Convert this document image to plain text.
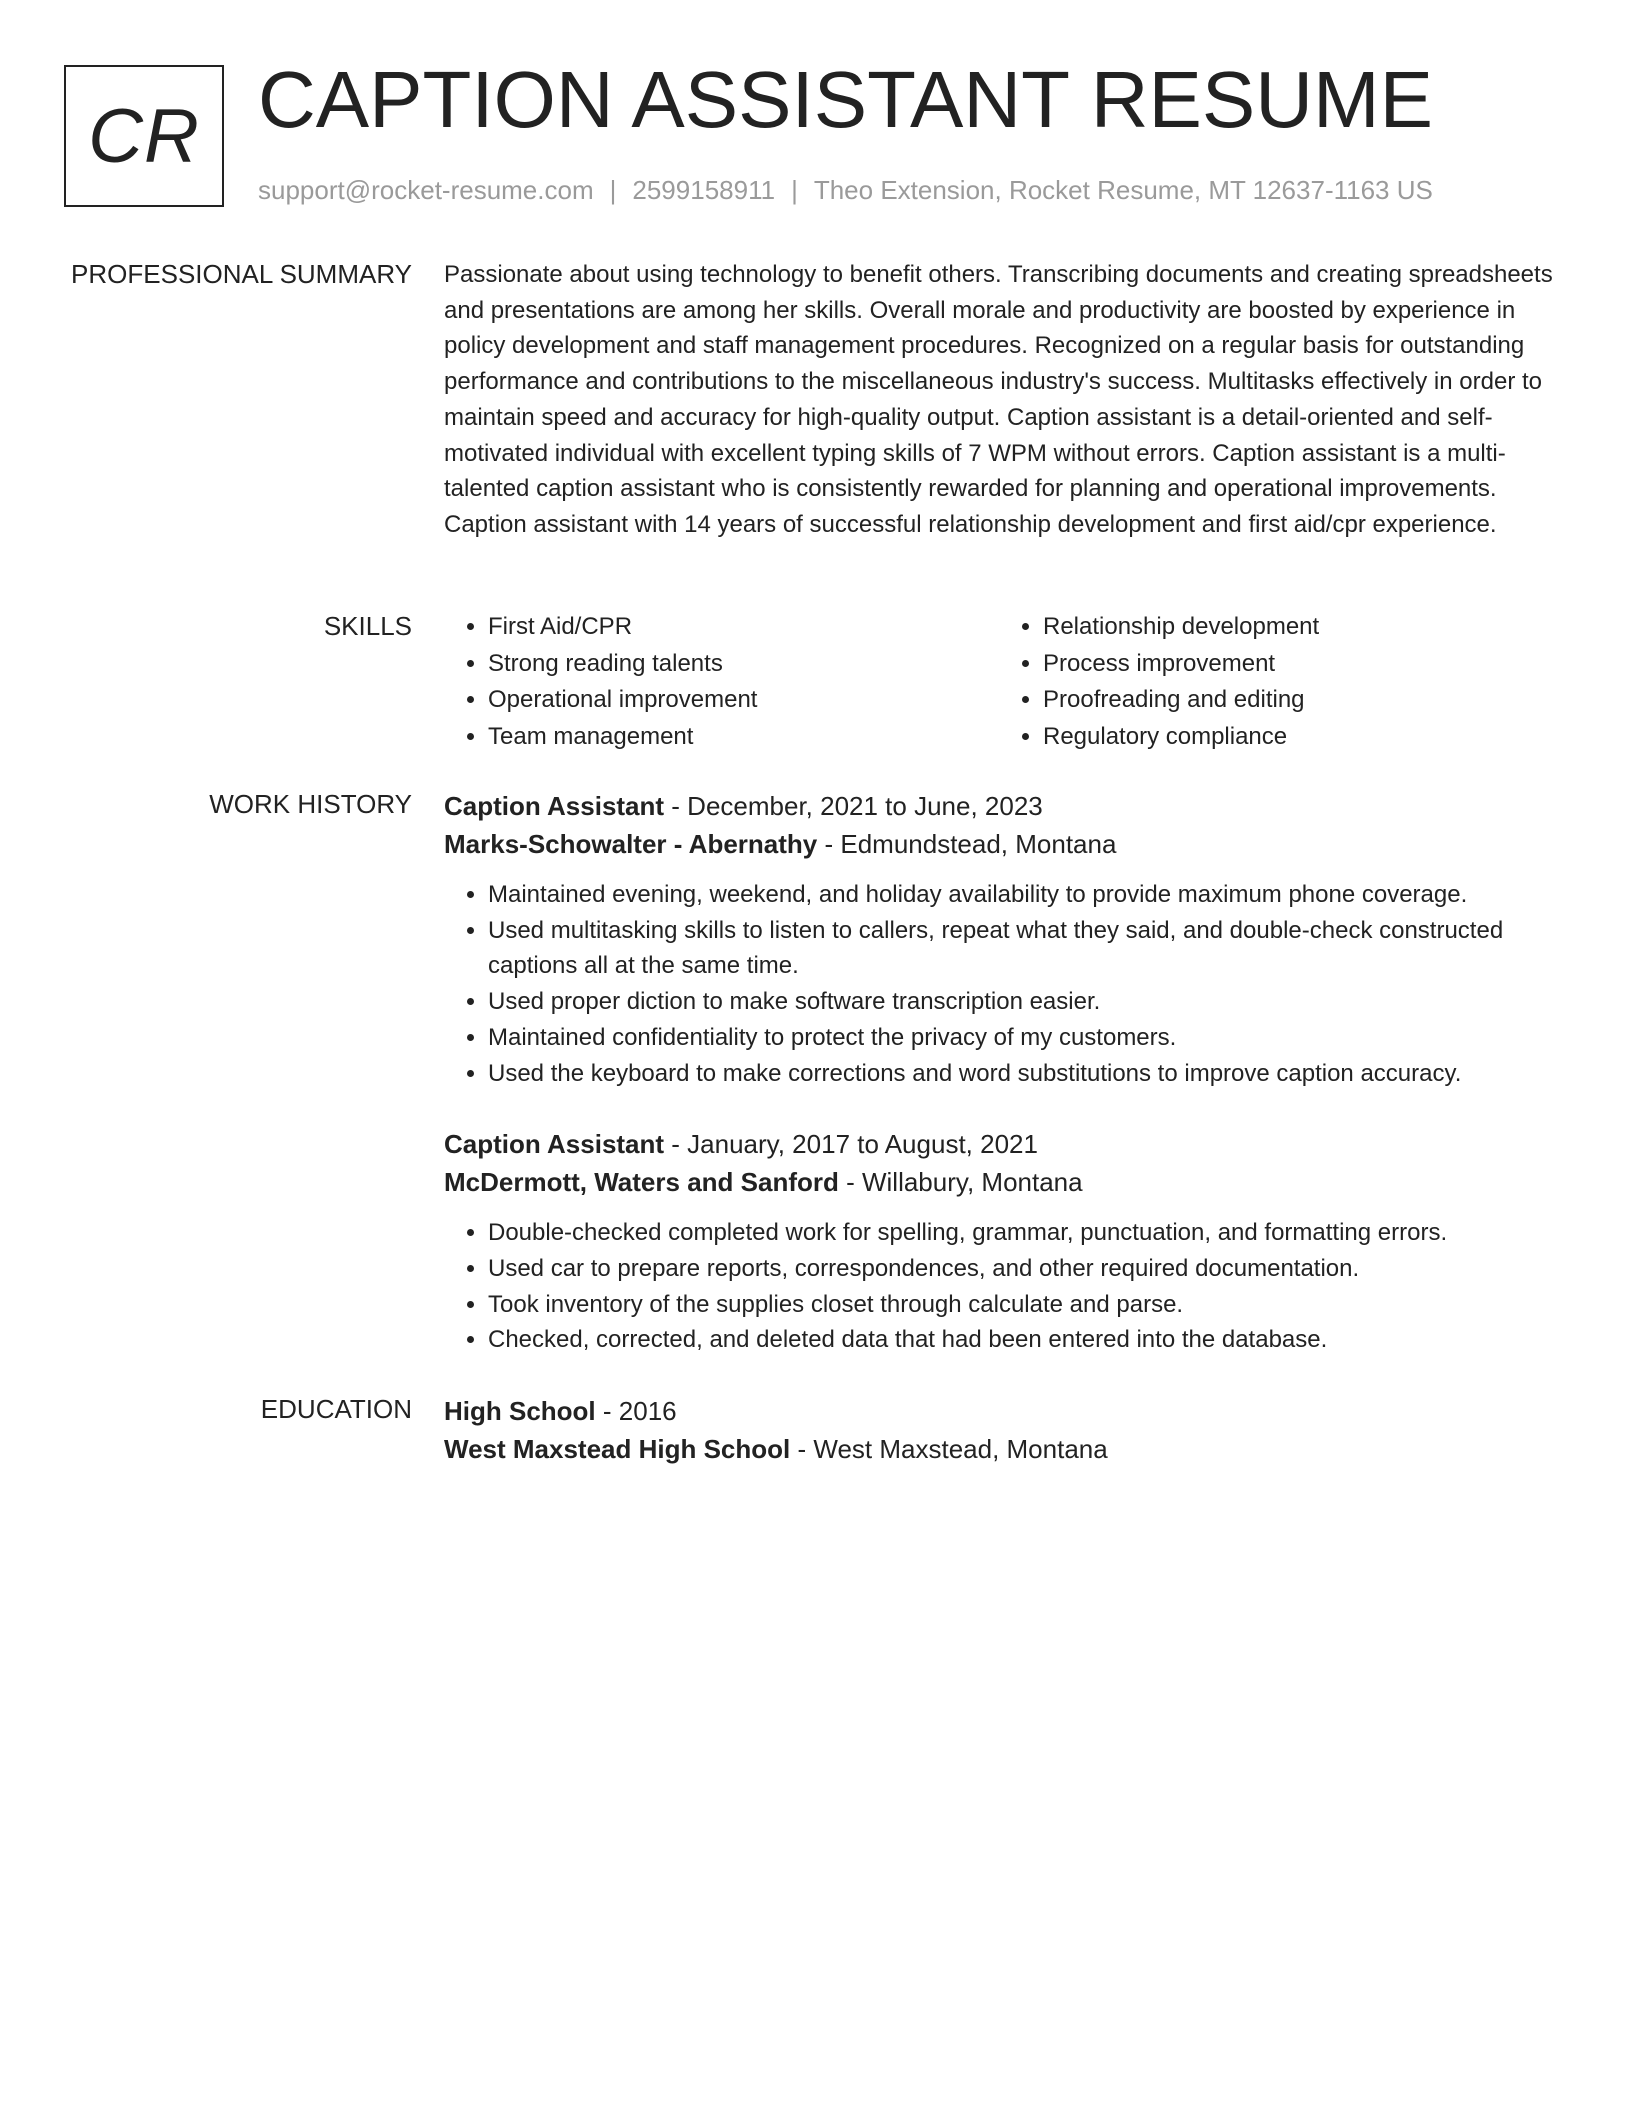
CR CAPTION ASSISTANT RESUME
support@rocket-resume.com | 2599158911 | Theo Extension, Rocket Resume, MT 12637-1163 US
PROFESSIONAL SUMMARY Passionate about using technology to benefit others. Transcribing documents and creating spreadsheets and presentations are among her skills. Overall morale and productivity are boosted by experience in policy development and staff management procedures. Recognized on a regular basis for outstanding performance and contributions to the miscellaneous industry's success. Multitasks effectively in order to maintain speed and accuracy for high-quality output. Caption assistant is a detail-oriented and self-motivated individual with excellent typing skills of 7 WPM without errors. Caption assistant is a multi-talented caption assistant who is consistently rewarded for planning and operational improvements. Caption assistant with 14 years of successful relationship development and first aid/cpr experience.

SKILLS
•	First Aid/CPR
• Strong reading talents
• Operational improvement
• Team management
• Relationship development
• Process improvement
• Proofreading and editing
• Regulatory compliance
WORK HISTORY Caption Assistant - December, 2021 to June, 2023
Marks-Schowalter - Abernathy - Edmundstead, Montana
• Maintained evening, weekend, and holiday availability to provide maximum phone coverage.
• Used multitasking skills to listen to callers, repeat what they said, and double-check constructed captions all at the same time.
• Used proper diction to make software transcription easier.
• Maintained confidentiality to protect the privacy of my customers.
• Used the keyboard to make corrections and word substitutions to improve caption accuracy.
Caption Assistant - January, 2017 to August, 2021
McDermott, Waters and Sanford - Willabury, Montana
• Double-checked completed work for spelling, grammar, punctuation, and formatting errors.
• Used car to prepare reports, correspondences, and other required documentation.
• Took inventory of the supplies closet through calculate and parse.
• Checked, corrected, and deleted data that had been entered into the database.
EDUCATION High School - 2016
West Maxstead High School - West Maxstead, Montana
